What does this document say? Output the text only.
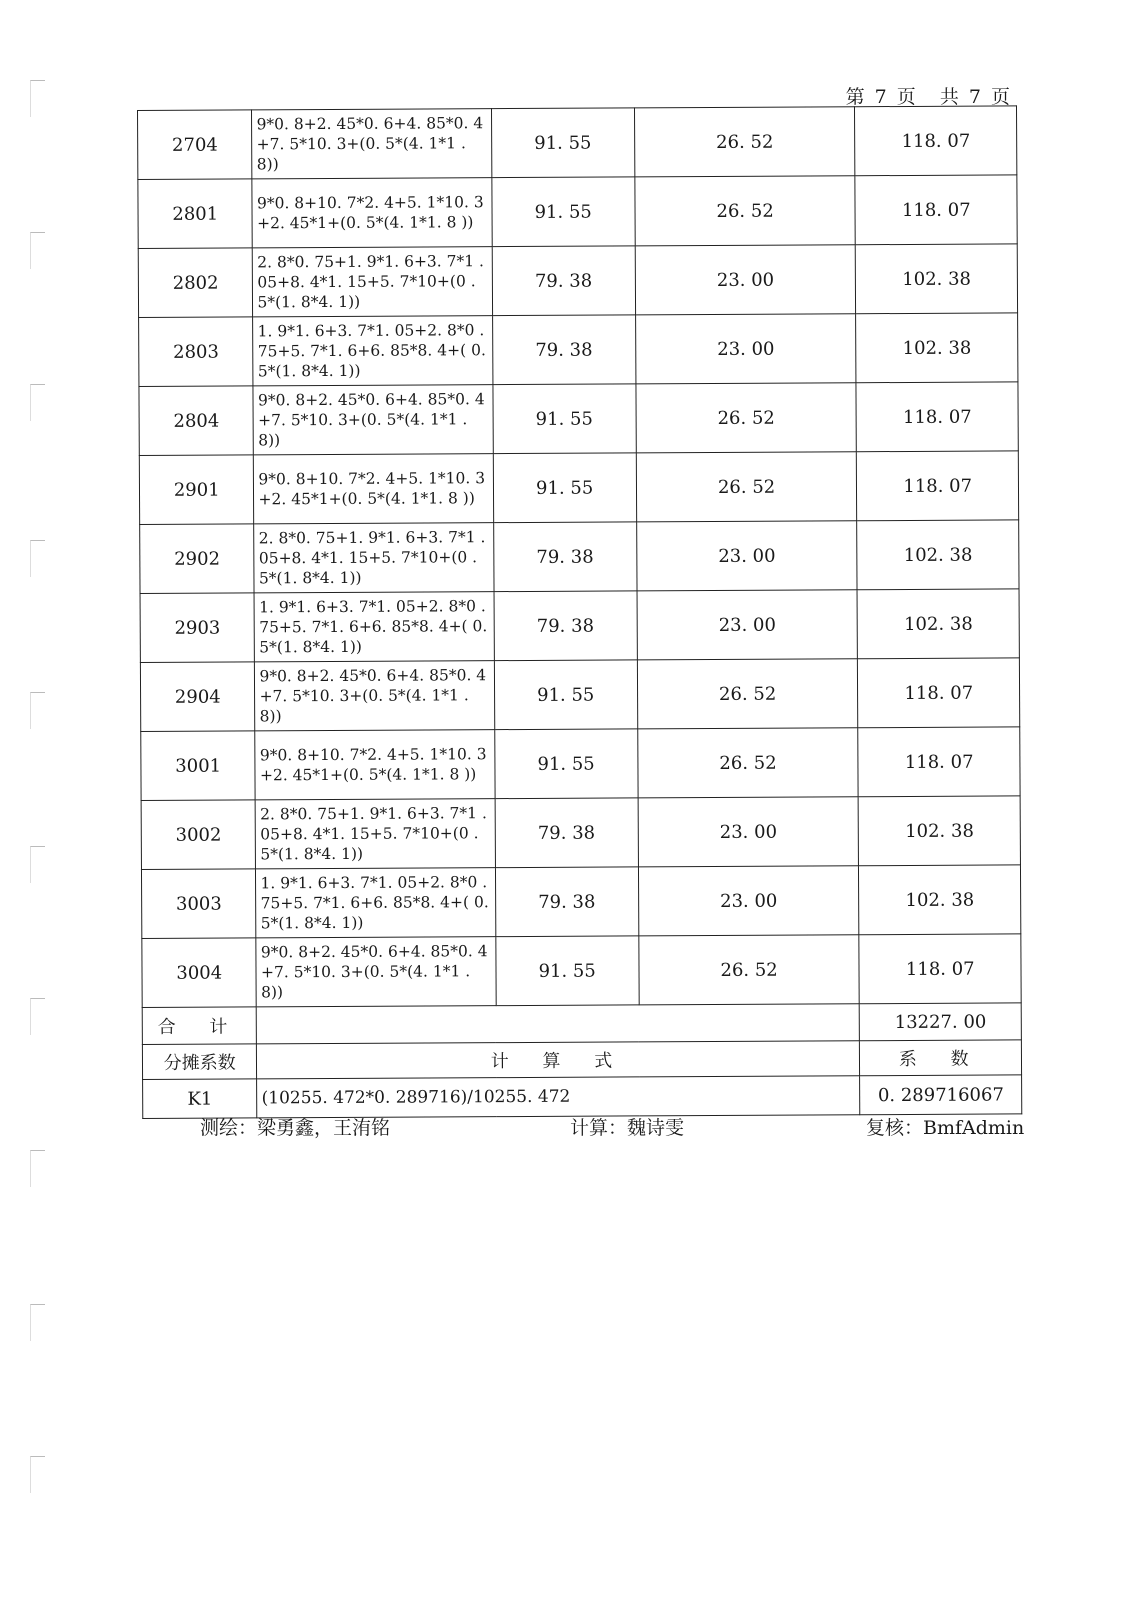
第 7 页 共 7 页
2704	9*0. 8+2. 45*0. 6+4. 85*0. 4+7. 5*10. 3+(0. 5*(4. 1*1 . 8))	91. 55	26. 52	118. 07
2801	9*0. 8+10. 7*2. 4+5. 1*10. 3+2. 45*1+(0. 5*(4. 1*1. 8 ))	91. 55	26. 52	118. 07
2802	2. 8*0. 75+1. 9*1. 6+3. 7*1 . 05+8. 4*1. 15+5. 7*10+(0 . 5*(1. 8*4. 1))	79. 38	23. 00	102. 38
2803	1. 9*1. 6+3. 7*1. 05+2. 8*0 . 75+5. 7*1. 6+6. 85*8. 4+( 0. 5*(1. 8*4. 1))	79. 38	23. 00	102. 38
2804	9*0. 8+2. 45*0. 6+4. 85*0. 4+7. 5*10. 3+(0. 5*(4. 1*1 . 8))	91. 55	26. 52	118. 07
2901	9*0. 8+10. 7*2. 4+5. 1*10. 3+2. 45*1+(0. 5*(4. 1*1. 8 ))	91. 55	26. 52	118. 07
2902	2. 8*0. 75+1. 9*1. 6+3. 7*1 . 05+8. 4*1. 15+5. 7*10+(0 . 5*(1. 8*4. 1))	79. 38	23. 00	102. 38
2903	1. 9*1. 6+3. 7*1. 05+2. 8*0 . 75+5. 7*1. 6+6. 85*8. 4+( 0. 5*(1. 8*4. 1))	79. 38	23. 00	102. 38
2904	9*0. 8+2. 45*0. 6+4. 85*0. 4+7. 5*10. 3+(0. 5*(4. 1*1 . 8))	91. 55	26. 52	118. 07
3001	9*0. 8+10. 7*2. 4+5. 1*10. 3+2. 45*1+(0. 5*(4. 1*1. 8 ))	91. 55	26. 52	118. 07
3002	2. 8*0. 75+1. 9*1. 6+3. 7*1 . 05+8. 4*1. 15+5. 7*10+(0 . 5*(1. 8*4. 1))	79. 38	23. 00	102. 38
3003	1. 9*1. 6+3. 7*1. 05+2. 8*0 . 75+5. 7*1. 6+6. 85*8. 4+( 0. 5*(1. 8*4. 1))	79. 38	23. 00	102. 38
3004	9*0. 8+2. 45*0. 6+4. 85*0. 4+7. 5*10. 3+(0. 5*(4. 1*1 . 8))	91. 55	26. 52	118. 07
合 计				13227. 00
分摊系数	计 算 式			系 数
K1	(10255. 472*0. 289716)/10255. 472			0. 289716067
测绘：梁勇鑫，王洧铭	计算：魏诗雯	复核：BmfAdmin
